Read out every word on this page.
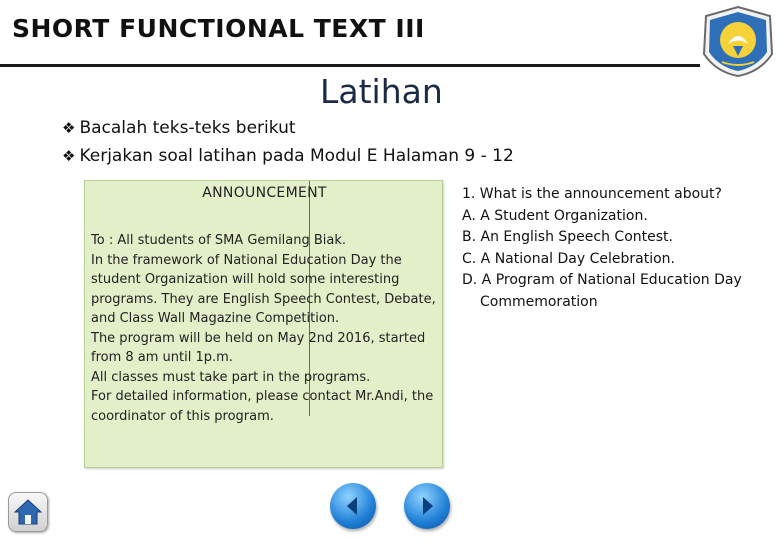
SHORT FUNCTIONAL TEXT III
Latihan
❖ Bacalah teks-teks berikut
❖ Kerjakan soal latihan pada Modul E Halaman 9 - 12
ANNOUNCEMENT

To : All students of SMA Gemilang Biak.

In the framework of National Education Day the student Organization will hold some interesting programs. They are English Speech Contest, Debate, and Class Wall Magazine Competition.

The program will be held on May 2nd 2016, started from 8 am until 1p.m.

All classes must take part in the programs.

For detailed information, please contact Mr.Andi, the coordinator of this program.

1. What is the announcement about?
A. A Student Organization.
B. An English Speech Contest.
C. A National Day Celebration.
D. A Program of National Education Day
Commemoration
